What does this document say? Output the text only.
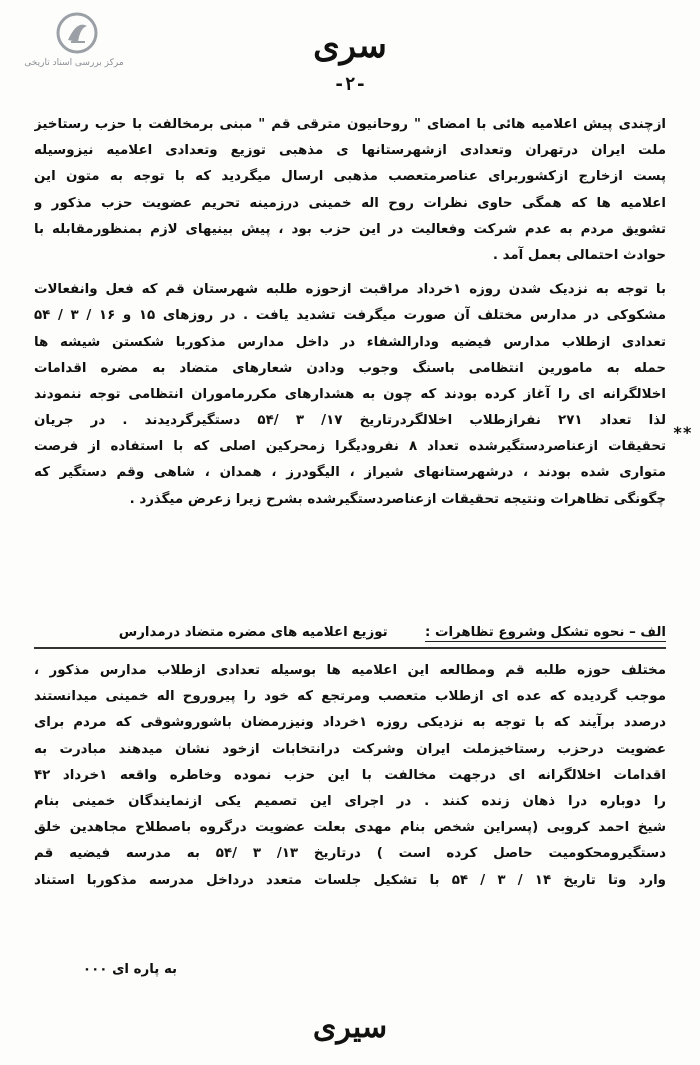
مرکز بررسی اسناد تاریخی	سری
-۲-
ازچندی پیش اعلامیه هائی با امضای " روحانیون مترقی قم " مبنی برمخالفت با حزب رستاخیز
ملت ایران درتهران وتعدادی ازشهرستانها ی مذهبی توزیع وتعدادی اعلامیه نیزوسیله
پست ازخارج ازکشوربرای عناصرمتعصب مذهبی ارسال میگردید که با توجه به متون این
اعلامیه ها که همگی حاوی نظرات روح اله خمینی درزمینه تحریم عضویت حزب مذکور و
تشویق مردم به عدم شرکت وفعالیت در این حزب بود ، پیش بینیهای لازم بمنظورمقابله با
حوادث احتمالی بعمل آمد .
با توجه به نزدیک شدن روزه ۱خرداد مراقبت ازحوزه طلبه شهرستان قم که فعل وانفعالات
مشکوکی در مدارس مختلف آن صورت میگرفت تشدید یافت . در روزهای ۱۵ و ۱۶ / ۳ / ۵۴
تعدادی ازطلاب مدارس فیضیه ودارالشفاء در داخل مدارس مذکوربا شکستن شیشه ها
حمله به مامورین انتظامی باسنگ وجوب ودادن شعارهای متضاد به مضره اقدامات
اخلالگرانه ای را آغاز کرده بودند که چون به هشدارهای مکررماموران انتظامی توجه ننمودند
لذا تعداد ۲۷۱ نفرازطلاب اخلالگردرتاریخ ۱۷/ ۳ /۵۴ دستگیرگردیدند . در جریان
تحقیقات ازعناصردستگیرشده تعداد ۸ نفرودیگرا زمحرکین اصلی که با استفاده از فرصت
متواری شده بودند ، درشهرستانهای شیراز ، الیگودرز ، همدان ، شاهی وقم دستگیر که
چگونگی تظاهرات ونتیجه تحقیقات ازعناصردستگیرشده بشرح زیرا زعرض میگذرد .
**
الف – نحوه تشکل وشروع تظاهرات :        توزیع اعلامیه های مضره متضاد درمدارس
مختلف حوزه طلبه قم ومطالعه این اعلامیه ها بوسیله تعدادی ازطلاب مدارس مذکور ،
موجب گردیده که عده ای ازطلاب متعصب ومرتجع که خود را پیروروح اله خمینی میدانستند
درصدد برآیند که با توجه به نزدیکی روزه ۱خرداد ونیزرمضان باشوروشوقی که مردم برای
عضویت درحزب رستاخیزملت ایران وشرکت درانتخابات ازخود نشان میدهند مبادرت به
اقدامات اخلالگرانه ای درجهت مخالفت با این حزب نموده وخاطره واقعه ۱خرداد ۴۲
را دوباره درا ذهان زنده کنند . در اجرای این تصمیم یکی ازنمایندگان خمینی بنام
شیخ احمد کروبی (پسراین شخص بنام مهدی بعلت عضویت درگروه باصطلاح مجاهدین خلق
دستگیرومحکومیت حاصل کرده است ) درتاریخ ۱۳/ ۳ /۵۴ به مدرسه فیضیه قم
وارد وتا تاریخ ۱۴ / ۳ / ۵۴ با تشکیل جلسات متعدد درداخل مدرسه مذکوربا استناد
به پاره ای ۰۰۰
سیری
